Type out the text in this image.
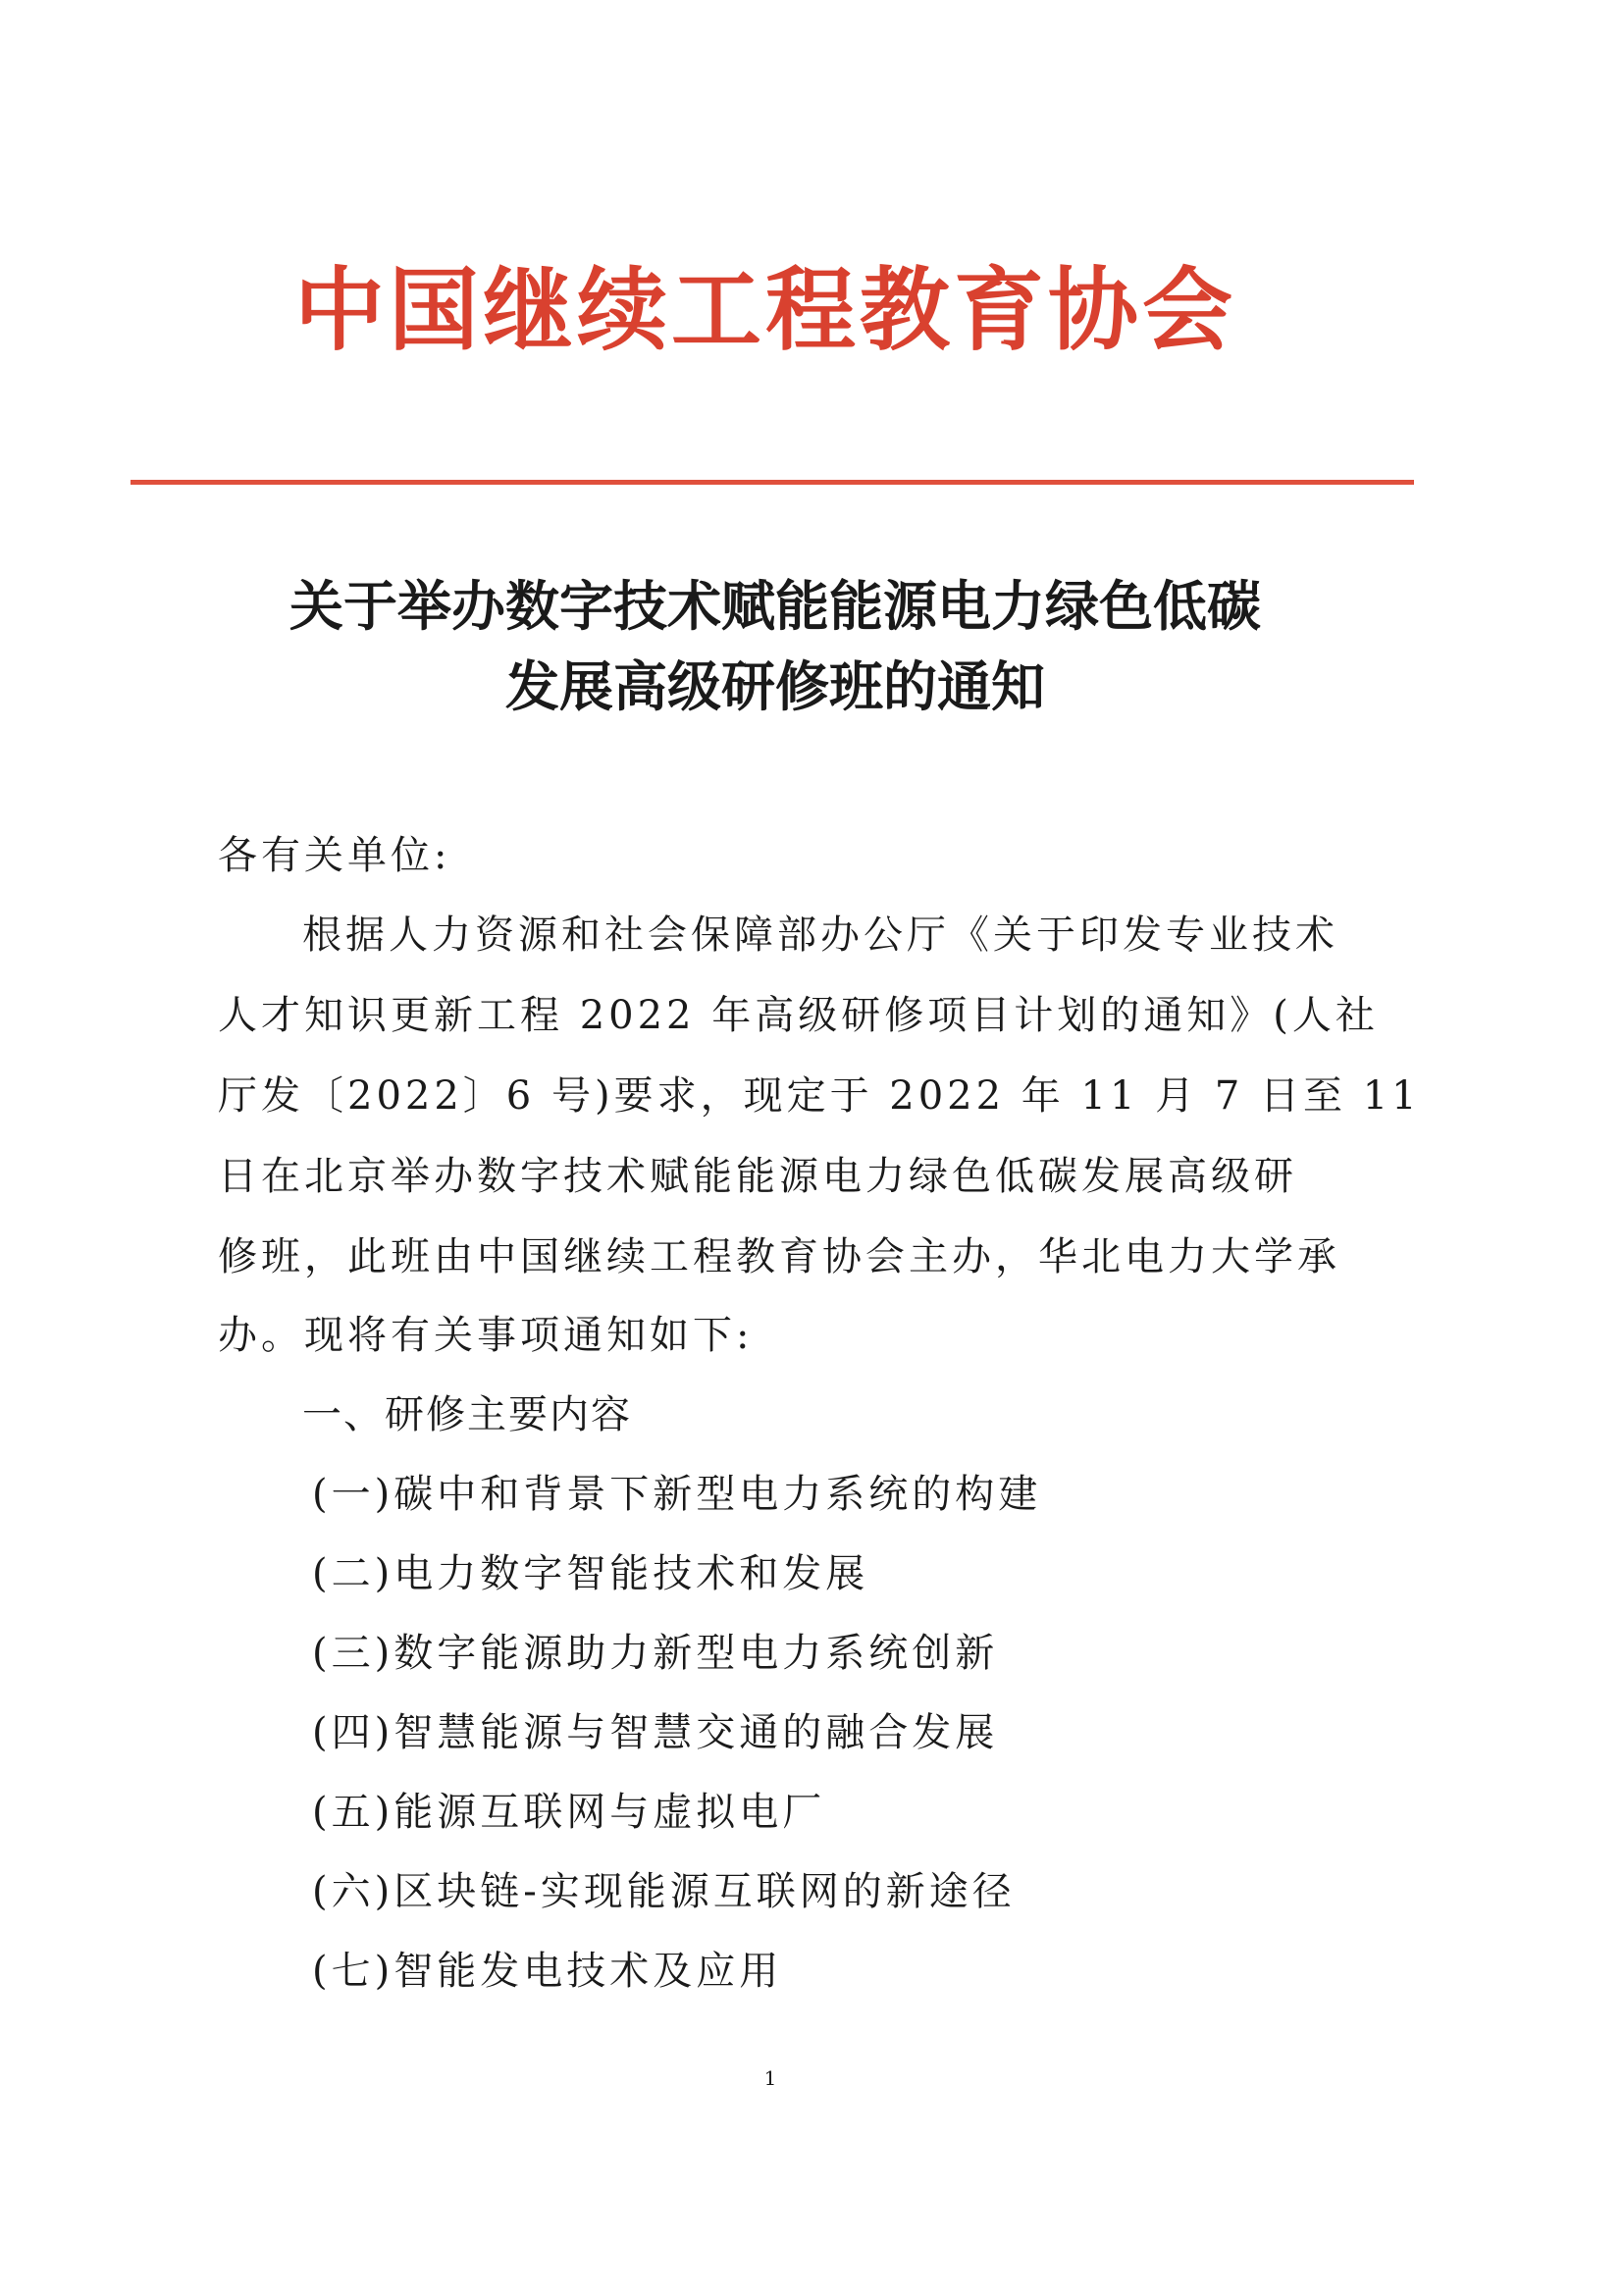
中国继续工程教育协会
关于举办数字技术赋能能源电力绿色低碳
发展高级研修班的通知
各有关单位:
根据人力资源和社会保障部办公厅《关于印发专业技术
人才知识更新工程 2022 年高级研修项目计划的通知》(人社
厅发〔2022〕6 号)要求，现定于 2022 年 11 月 7 日至 11
日在北京举办数字技术赋能能源电力绿色低碳发展高级研
修班，此班由中国继续工程教育协会主办，华北电力大学承
办。现将有关事项通知如下:
一、研修主要内容
(一)碳中和背景下新型电力系统的构建
(二)电力数字智能技术和发展
(三)数字能源助力新型电力系统创新
(四)智慧能源与智慧交通的融合发展
(五)能源互联网与虚拟电厂
(六)区块链-实现能源互联网的新途径
(七)智能发电技术及应用
1
